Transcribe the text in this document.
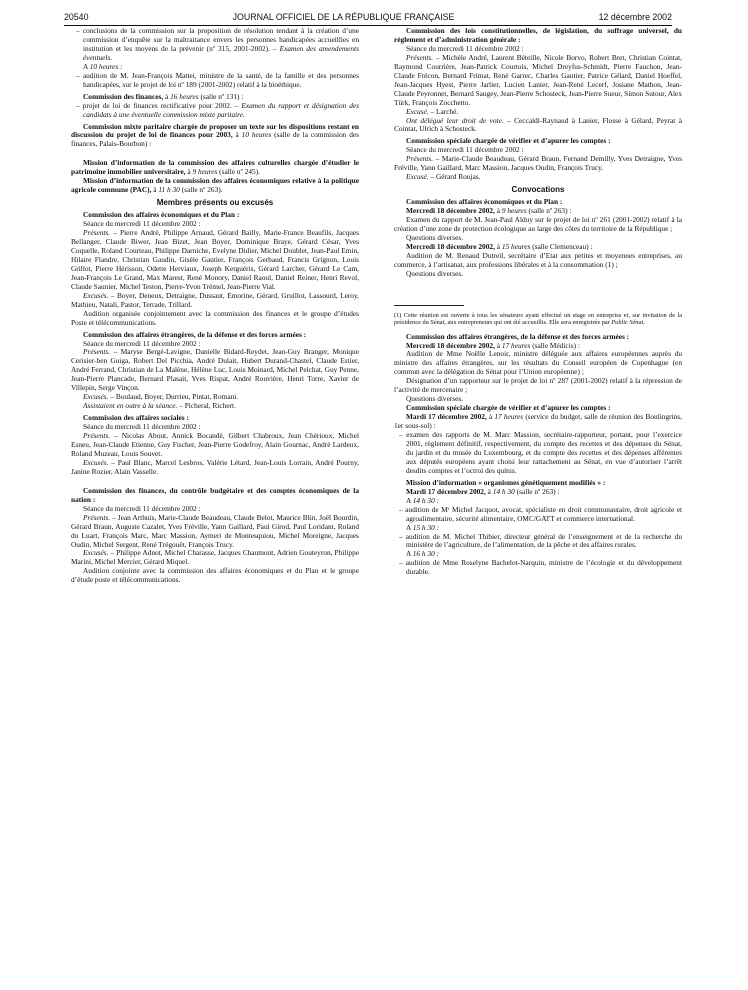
20540	JOURNAL OFFICIEL DE LA RÉPUBLIQUE FRANÇAISE	12 décembre 2002

– conclusions de la commission sur la proposition de résolution tendant à la création d’une commission d’enquête sur la maltraitance envers les personnes handicapées accueillies en institution et les moyens de la prévenir (nº 315, 2001-2002). – Examen des amendements éventuels.

A 10 heures :

– audition de M. Jean-François Mattei, ministre de la santé, de la famille et des personnes handicapées, sur le projet de loi nº 189 (2001-2002) relatif à la bioéthique.

Commission des finances, à 16 heures (salle nº 131) :

– projet de loi de finances rectificative pour 2002. – Examen du rapport et désignation des candidats à une éventuelle commission mixte paritaire.

Commission mixte paritaire chargée de proposer un texte sur les dispositions restant en discussion du projet de loi de finances pour 2003, à 10 heures (salle de la commission des finances, Palais-Bourbon) :

Mission d’information de la commission des affaires culturelles chargée d’étudier le patrimoine immobilier universitaire, à 9 heures (salle nº 245).

Mission d’information de la commission des affaires économiques relative à la politique agricole commune (PAC), à 11 h 30 (salle nº 263).

Membres présents ou excusés

Commission des affaires économiques et du Plan :

Séance du mercredi 11 décembre 2002 :

Présents. – Pierre André, Philippe Arnaud, Gérard Bailly, Marie-France Beaufils, Jacques Bellanger, Claude Biwer, Jean Bizet, Jean Boyer, Dominique Braye, Gérard César, Yves Coquelle, Roland Courteau, Philippe Darniche, Evelyne Didier, Michel Doublet, Jean-Paul Emin, Hilaire Flandre, Christian Gaudin, Gisèle Gautier, François Gerbaud, Francis Grignon, Louis Grillot, Pierre Hérisson, Odette Herviaux, Joseph Kerguéris, Gérard Larcher, Gérard Le Cam, Jean-François Le Grand, Max Marest, René Monory, Daniel Raoul, Daniel Reiner, Henri Revol, Claude Saunier, Michel Teston, Pierre-Yvon Trémel, Jean-Pierre Vial.

Excusés. – Boyer, Deneux, Detraigne, Dussaut, Emorine, Gérard, Gruillot, Lassourd, Leroy, Mathieu, Natali, Pastor, Terrade, Trillard.

Audition organisée conjointement avec la commission des finances et le groupe d’études Poste et télécommunications.

Commission des affaires étrangères, de la défense et des forces armées :

Séance du mercredi 11 décembre 2002 :

Présents. – Maryse Bergé-Lavigne, Danielle Bidard-Reydet, Jean-Guy Branger, Monique Cerisier-ben Guiga, Robert Del Picchia, André Dulait, Hubert Durand-Chastel, Claude Estier, André Ferrand, Christian de La Malène, Hélène Luc, Louis Moinard, Michel Pelchat, Guy Penne, Jean-Pierre Plancade, Bernard Plasait, Yves Rispat, André Rouvière, Henri Torre, Xavier de Villepin, Serge Vinçon.

Excusés. – Boulaud, Boyer, Durrieu, Pintat, Romani.

Assistaient en outre à la séance. – Picheral, Richert.

Commission des affaires sociales :

Séance du mercredi 11 décembre 2002 :

Présents. – Nicolas About, Annick Bocandé, Gilbert Chabroux, Jean Chérioux, Michel Esneu, Jean-Claude Etienne, Guy Fischer, Jean-Pierre Godefroy, Alain Gournac, André Lardeux, Roland Muzeau, Louis Souvet.

Excusés. – Paul Blanc, Marcel Lesbros, Valérie Létard, Jean-Louis Lorrain, André Pourny, Janine Rozier, Alain Vasselle.

Commission des finances, du contrôle budgétaire et des comptes économiques de la nation :

Séance du mercredi 11 décembre 2002 :

Présents. – Jean Arthuis, Marie-Claude Beaudeau, Claude Belot, Maurice Blin, Joël Bourdin, Gérard Braun, Auguste Cazalet, Yves Fréville, Yann Gaillard, Paul Girod, Paul Loridant, Roland du Luart, François Marc, Marc Massion, Aymeri de Montesquiou, Michel Moreigne, Jacques Oudin, Michel Sergent, René Trégouët, François Trucy.

Excusés. – Philippe Adnot, Michel Charasse, Jacques Chaumont, Adrien Gouteyron, Philippe Marini, Michel Mercier, Gérard Miquel.

Audition conjointe avec la commission des affaires économiques et du Plan et le groupe d’étude poste et télécommunications.

Commission des lois constitutionnelles, de législation, du suffrage universel, du règlement et d’administration générale :

Séance du mercredi 11 décembre 2002 :

Présents. – Michèle André, Laurent Béteille, Nicole Borvo, Robert Bret, Christian Cointat, Raymond Courrière, Jean-Patrick Courtois, Michel Dreyfus-Schmidt, Pierre Fauchon, Jean-Claude Frécon, Bernard Frimat, René Garrec, Charles Gautier, Patrice Gélard, Daniel Hoeffel, Jean-Jacques Hyest, Pierre Jarlier, Lucien Lanier, Jean-René Lecerf, Josiane Mathon, Jean-Claude Peyronnet, Bernard Saugey, Jean-Pierre Schosteck, Jean-Pierre Sueur, Simon Sutour, Alex Türk, François Zocchetto.

Excusé. – Larché.

Ont délégué leur droit de vote. – Ceccaldi-Raynaud à Lanier, Flosse à Gélard, Peyrat à Cointat, Ulrich à Schosteck.

Commission spéciale chargée de vérifier et d’apurer les comptes :

Séance du mercredi 11 décembre 2002 :

Présents. – Marie-Claude Beaudeau, Gérard Braun, Fernand Demilly, Yves Detraigne, Yves Fréville, Yann Gaillard, Marc Massion, Jacques Oudin, François Trucy.

Excusé. – Gérard Roujas.

Convocations

Commission des affaires économiques et du Plan :

Mercredi 18 décembre 2002, à 9 heures (salle nº 263) :

Examen du rapport de M. Jean-Paul Alduy sur le projet de loi nº 261 (2001-2002) relatif à la création d’une zone de protection écologique au large des côtes du territoire de la République ;

Questions diverses.

Mercredi 18 décembre 2002, à 15 heures (salle Clemenceau) :

Audition de M. Renaud Dutreil, secrétaire d’Etat aux petites et moyennes entreprises, au commerce, à l’artisanat, aux professions libérales et à la consommation (1) ;

Questions diverses.

(1) Cette réunion est ouverte à tous les sénateurs ayant effectué un stage en entreprise et, sur invitation de la présidence du Sénat, aux entrepreneurs qui ont été accueillis. Elle sera enregistrée par Public Sénat.

Commission des affaires étrangères, de la défense et des forces armées :

Mercredi 18 décembre 2002, à 17 heures (salle Médicis) :

Audition de Mme Noëlle Lenoir, ministre déléguée aux affaires européennes auprès du ministre des affaires étrangères, sur les résultats du Conseil européen de Copenhague (en commun avec la délégation du Sénat pour l’Union européenne) ;

Désignation d’un rapporteur sur le projet de loi nº 287 (2001-2002) relatif à la répression de l’activité de mercenaire ;

Questions diverses.

Commission spéciale chargée de vérifier et d’apurer les comptes :

Mardi 17 décembre 2002, à 17 heures (service du budget, salle de réunion des Boulingrins, 1er sous-sol) :

– examen des rapports de M. Marc Massion, secrétaire-rapporteur, portant, pour l’exercice 2001, règlement définitif, respectivement, du compte des recettes et des dépenses du Sénat, du jardin et du musée du Luxembourg, et du compte des recettes et des dépenses afférentes aux députés européens ayant choisi leur rattachement au Sénat, en vue d’autoriser l’arrêt desdits comptes et l’octroi des quitus.

Mission d’information « organismes génétiquement modifiés » :

Mardi 17 décembre 2002, à 14 h 30 (salle nº 263) :

A 14 h 30 :

– audition de Mᵉ Michel Jacquot, avocat, spécialiste en droit communautaire, droit agricole et agroalimentaire, sécurité alimentaire, OMC/GATT et commerce international.

A 15 h 30 :

– audition de M. Michel Thibier, directeur général de l’enseignement et de la recherche du ministère de l’agriculture, de l’alimentation, de la pêche et des affaires rurales.

A 16 h 30 :

– audition de Mme Roselyne Bachelot-Narquin, ministre de l’écologie et du développement durable.
